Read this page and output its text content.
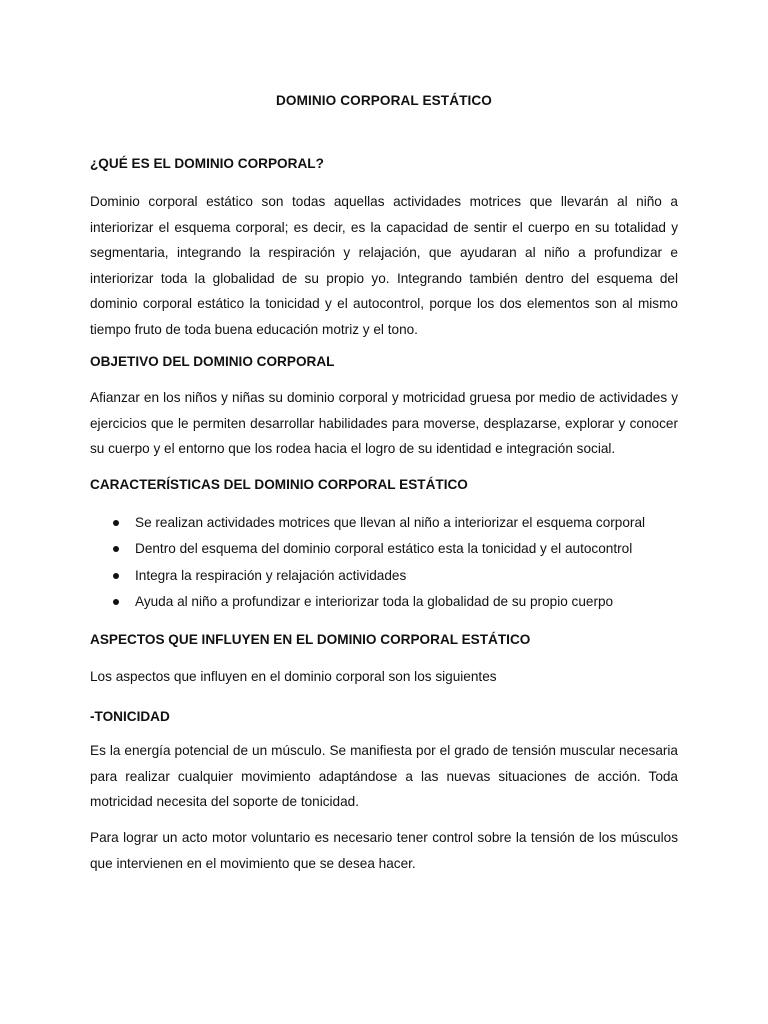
DOMINIO CORPORAL ESTÁTICO
¿QUÉ ES EL DOMINIO CORPORAL?
Dominio corporal estático son todas aquellas actividades motrices que llevarán al niño a interiorizar el esquema corporal; es decir, es la capacidad de sentir el cuerpo en su totalidad y segmentaria, integrando la respiración y relajación, que ayudaran al niño a profundizar e interiorizar toda la globalidad de su propio yo. Integrando también dentro del esquema del dominio corporal estático la tonicidad y el autocontrol, porque los dos elementos son al mismo tiempo fruto de toda buena educación motriz y el tono.
OBJETIVO DEL DOMINIO CORPORAL
Afianzar en los niños y niñas su dominio corporal y motricidad gruesa por medio de actividades y ejercicios que le permiten desarrollar habilidades para moverse, desplazarse, explorar y conocer su cuerpo y el entorno que los rodea hacia el logro de su identidad e integración social.
CARACTERÍSTICAS DEL DOMINIO CORPORAL ESTÁTICO
Se realizan actividades motrices que llevan al niño a interiorizar el esquema corporal
Dentro del esquema del dominio corporal estático esta la tonicidad y el autocontrol
Integra la respiración y relajación actividades
Ayuda al niño a profundizar e interiorizar toda la globalidad de su propio cuerpo
ASPECTOS QUE INFLUYEN EN EL DOMINIO CORPORAL ESTÁTICO
Los aspectos que influyen en el dominio corporal son los siguientes
-TONICIDAD
Es la energía potencial de un músculo. Se manifiesta por el grado de tensión muscular necesaria para realizar cualquier movimiento adaptándose a las nuevas situaciones de acción. Toda motricidad necesita del soporte de tonicidad.
Para lograr un acto motor voluntario es necesario tener control sobre la tensión de los músculos que intervienen en el movimiento que se desea hacer.
